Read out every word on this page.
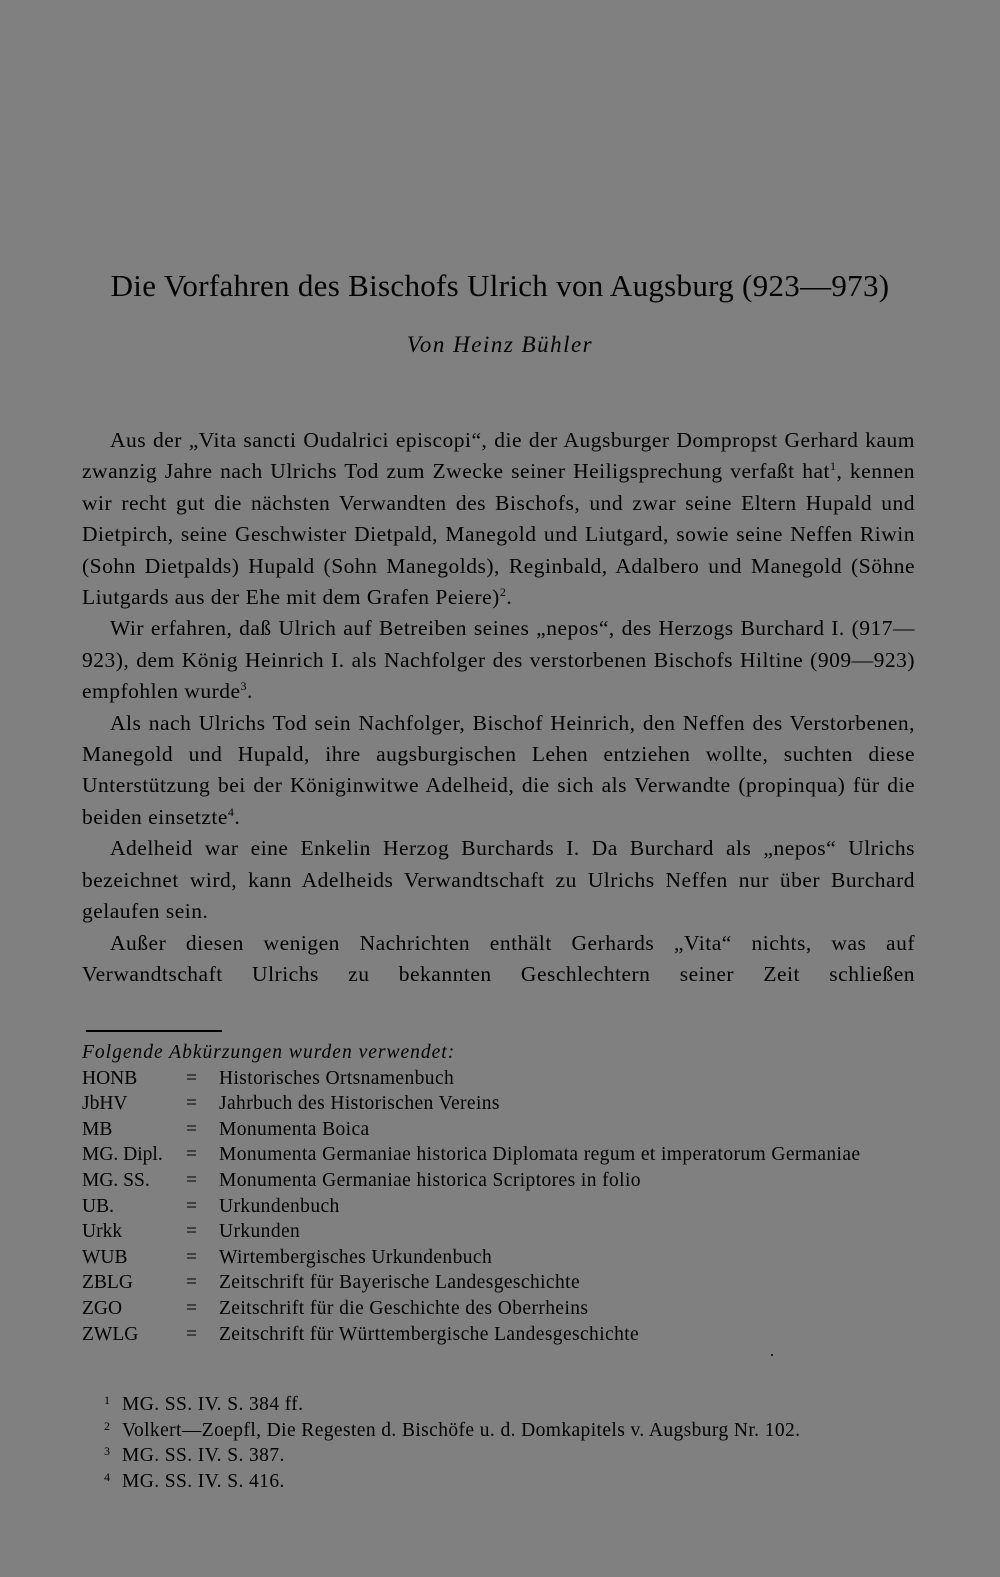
Die Vorfahren des Bischofs Ulrich von Augsburg (923—973)
Von Heinz Bühler

Aus der „Vita sancti Oudalrici episcopi“, die der Augsburger Dompropst Gerhard kaum zwanzig Jahre nach Ulrichs Tod zum Zwecke seiner Heiligsprechung verfaßt hat$^1$, kennen wir recht gut die nächsten Verwandten des Bischofs, und zwar seine Eltern Hupald und Dietpirch, seine Geschwister Dietpald, Manegold und Liutgard, sowie seine Neffen Riwin (Sohn Dietpalds) Hupald (Sohn Manegolds), Reginbald, Adalbero und Manegold (Söhne Liutgards aus der Ehe mit dem Grafen Peiere)$^2$.

Wir erfahren, daß Ulrich auf Betreiben seines „nepos“, des Herzogs Burchard I. (917—923), dem König Heinrich I. als Nachfolger des verstorbenen Bischofs Hiltine (909—923) empfohlen wurde$^3$.

Als nach Ulrichs Tod sein Nachfolger, Bischof Heinrich, den Neffen des Verstorbenen, Manegold und Hupald, ihre augsburgischen Lehen entziehen wollte, suchten diese Unterstützung bei der Königinwitwe Adelheid, die sich als Verwandte (propinqua) für die beiden einsetzte$^4$.

Adelheid war eine Enkelin Herzog Burchards I. Da Burchard als „nepos“ Ulrichs bezeichnet wird, kann Adelheids Verwandtschaft zu Ulrichs Neffen nur über Burchard gelaufen sein.

Außer diesen wenigen Nachrichten enthält Gerhards „Vita“ nichts, was auf Verwandtschaft Ulrichs zu bekannten Geschlechtern seiner Zeit schließen

Folgende Abkürzungen wurden verwendet:
HONB	=	Historisches Ortsnamenbuch
JbHV	=	Jahrbuch des Historischen Vereins
MB	=	Monumenta Boica
MG. Dipl.	=	Monumenta Germaniae historica Diplomata regum et imperatorum Germaniae
MG. SS.	=	Monumenta Germaniae historica Scriptores in folio
UB.	=	Urkundenbuch
Urkk	=	Urkunden
WUB	=	Wirtembergisches Urkundenbuch
ZBLG	=	Zeitschrift für Bayerische Landesgeschichte
ZGO	=	Zeitschrift für die Geschichte des Oberrheins
ZWLG	=	Zeitschrift für Württembergische Landesgeschichte
1 MG. SS. IV. S. 384 ff.
2 Volkert—Zoepfl, Die Regesten d. Bischöfe u. d. Domkapitels v. Augsburg Nr. 102.
3 MG. SS. IV. S. 387.
4 MG. SS. IV. S. 416.
